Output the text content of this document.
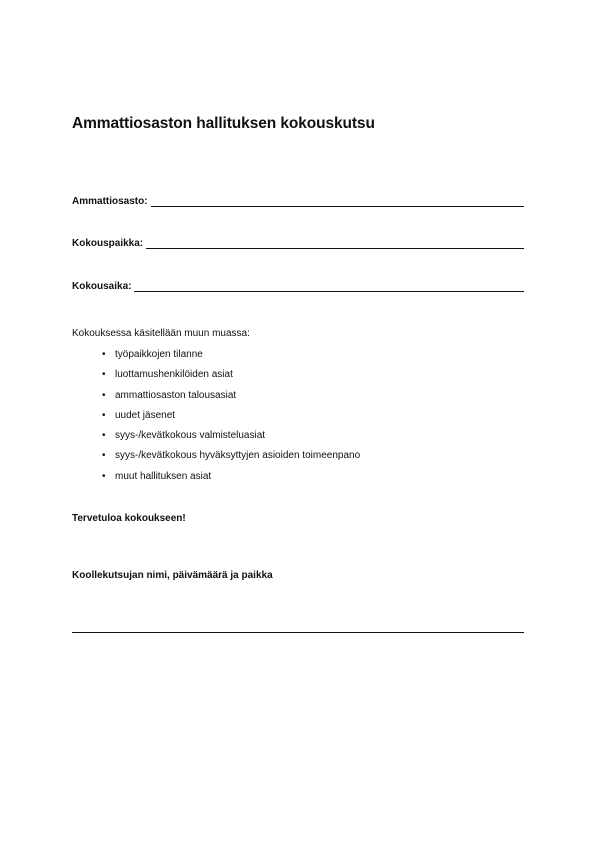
Ammattiosaston hallituksen kokouskutsu
Ammattiosasto:
Kokouspaikka:
Kokousaika:

Kokouksessa käsitellään muun muassa:

• työpaikkojen tilanne
• luottamushenkilöiden asiat
• ammattiosaston talousasiat
• uudet jäsenet
• syys-/kevätkokous valmisteluasiat
• syys-/kevätkokous hyväksyttyjen asioiden toimeenpano
• muut hallituksen asiat

Tervetuloa kokoukseen!

Koollekutsujan nimi, päivämäärä ja paikka
